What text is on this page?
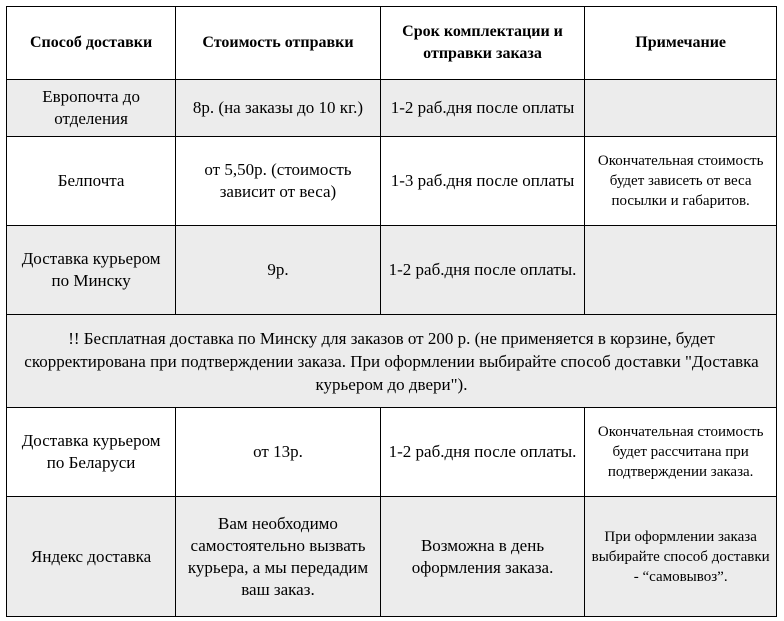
Способ доставки	Стоимость отправки	Срок комплектации и отправки заказа	Примечание
Европочта до отделения	8р. (на заказы до 10 кг.)	1-2 раб.дня после оплаты	
Белпочта	от 5,50р. (стоимость зависит от веса)	1-3 раб.дня после оплаты	Окончательная стоимость будет зависеть от веса посылки и габаритов.
Доставка курьером по Минску	9р.	1-2 раб.дня после оплаты.	
!! Бесплатная доставка по Минску для заказов от 200 р. (не применяется в корзине, будет скорректирована при подтверждении заказа. При оформлении выбирайте способ доставки "Доставка курьером до двери").			
Доставка курьером по Беларуси	от 13р.	1-2 раб.дня после оплаты.	Окончательная стоимость будет рассчитана при подтверждении заказа.
Яндекс доставка	Вам необходимо самостоятельно вызвать курьера, а мы передадим ваш заказ.	Возможна в день оформления заказа.	При оформлении заказа выбирайте способ доставки - “самовывоз”.
